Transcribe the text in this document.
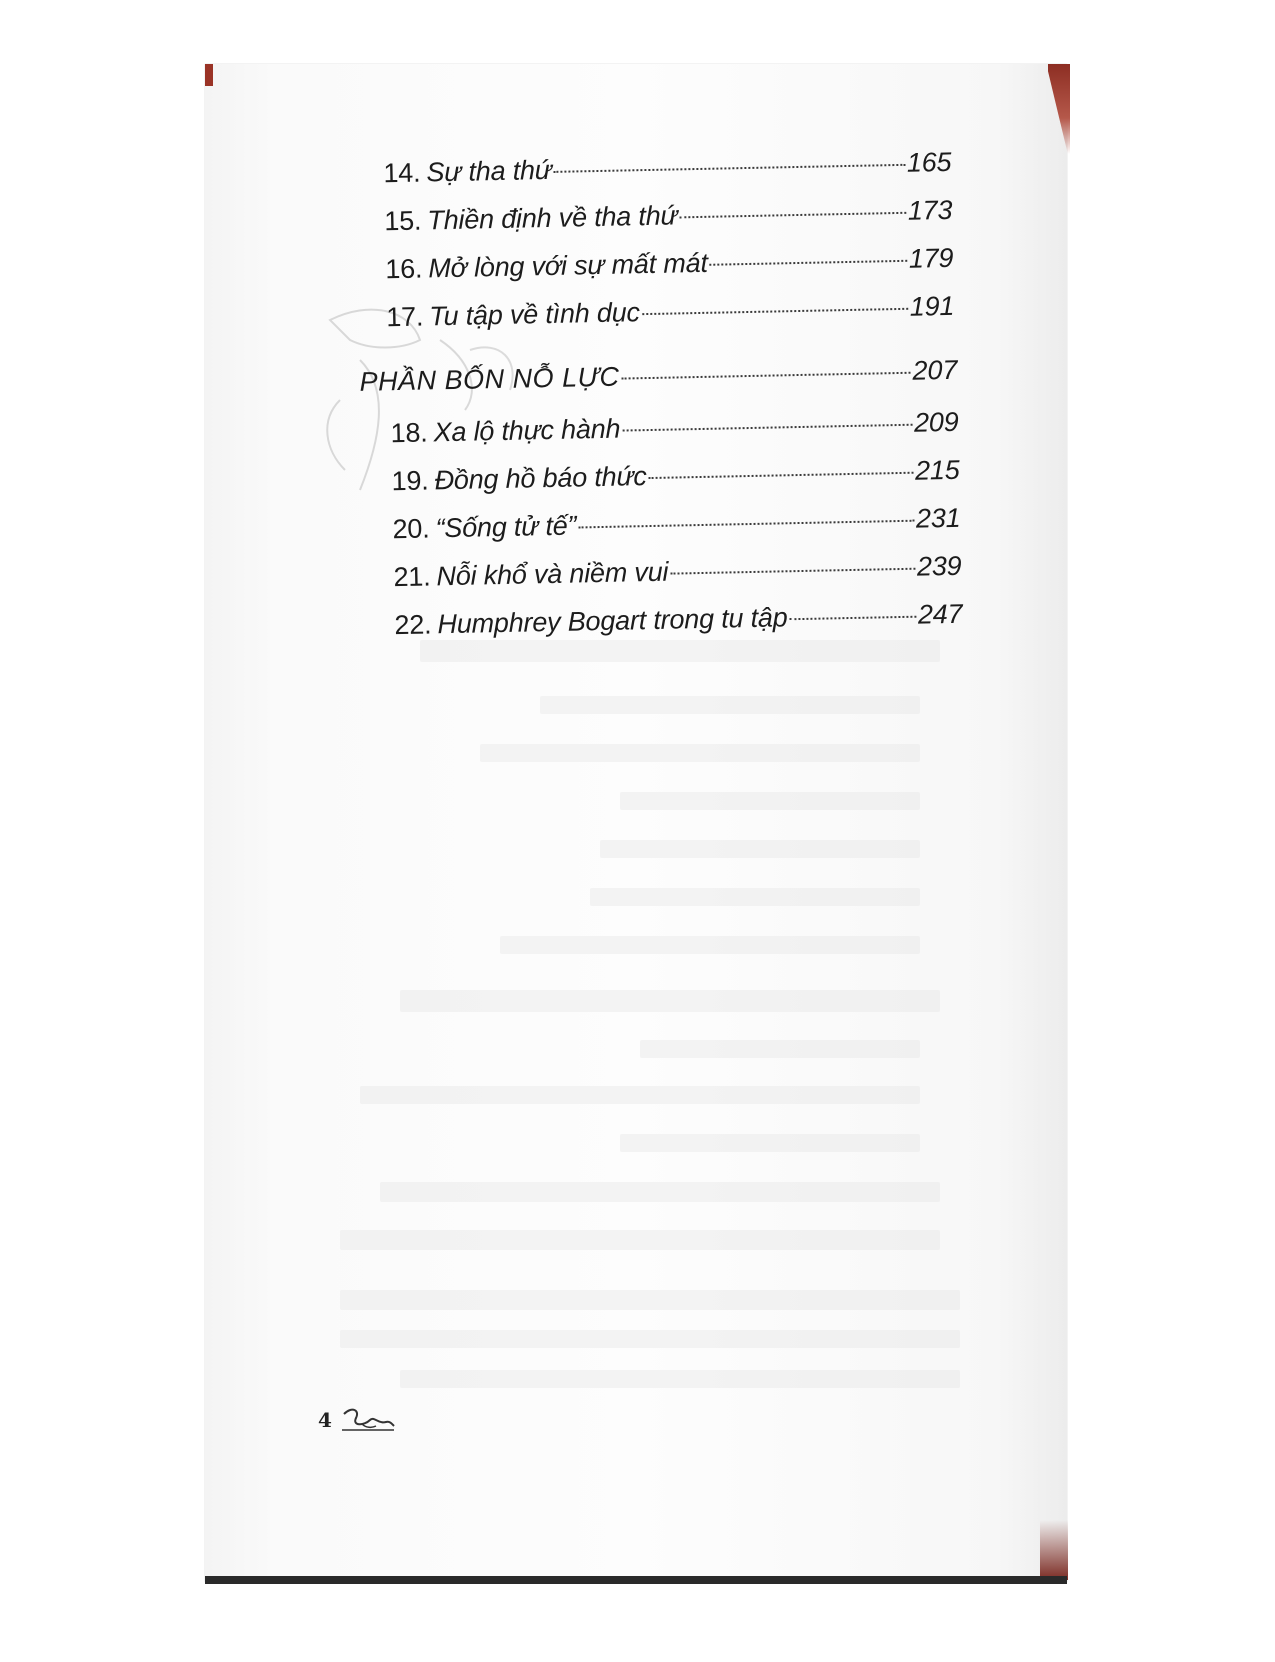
14. Sự tha thứ	165
15. Thiền định về tha thứ	173
16. Mở lòng với sự mất mát	179
17. Tu tập về tình dục	191
PHẦN BỐN NỖ LỰC	207
18. Xa lộ thực hành	209
19. Đồng hồ báo thức	215
20. “Sống tử tế”	231
21. Nỗi khổ và niềm vui	239
22. Humphrey Bogart trong tu tập	247
4
